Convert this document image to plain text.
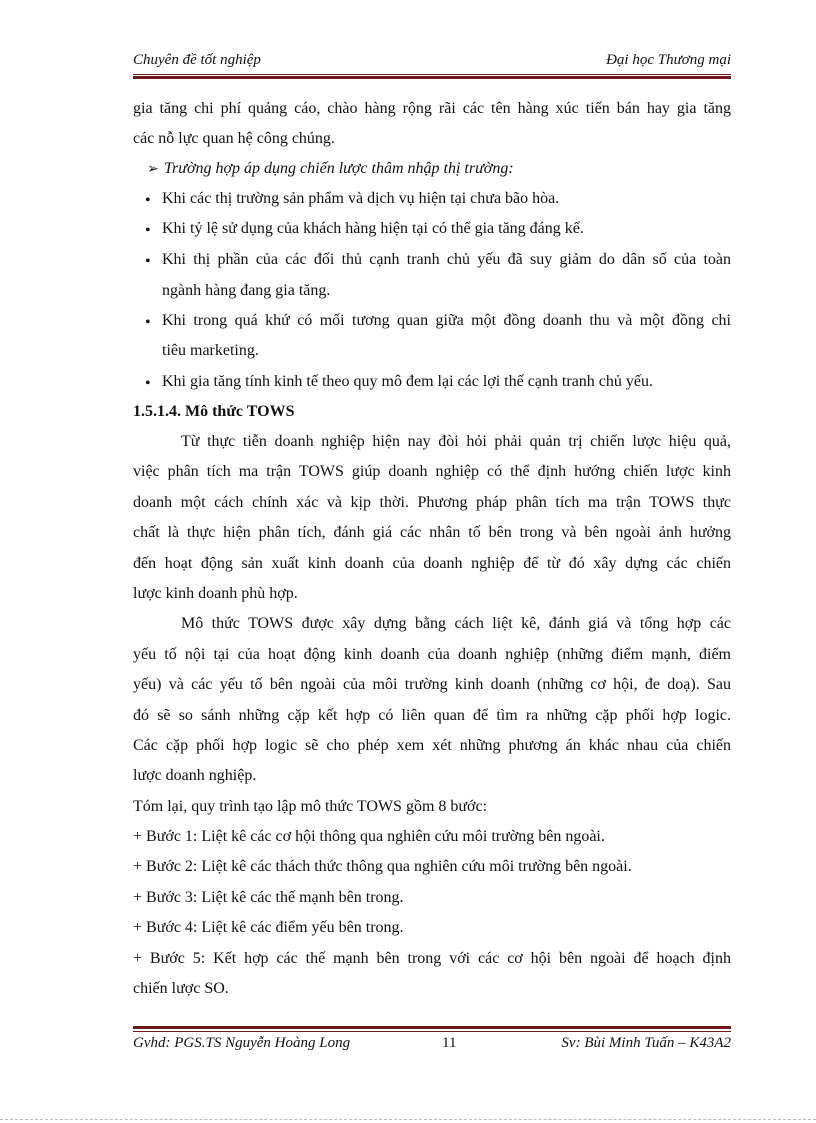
Chuyên đề tốt nghiệp	Đại học Thương mại
gia tăng chi phí quảng cáo, chào hàng rộng rãi các tên hàng xúc tiến bán hay gia tăng
các nỗ lực quan hệ công chúng.
➢ Trường hợp áp dụng chiến lược thâm nhập thị trường:
• Khi các thị trường sản phẩm và dịch vụ hiện tại chưa bão hòa.
• Khi tỷ lệ sử dụng của khách hàng hiện tại có thể gia tăng đáng kể.
• Khi thị phần của các đối thủ cạnh tranh chủ yếu đã suy giảm do dân số của toàn
ngành hàng đang gia tăng.
• Khi trong quá khứ có mối tương quan giữa một đồng doanh thu và một đồng chi
tiêu marketing.
• Khi gia tăng tính kinh tế theo quy mô đem lại các lợi thế cạnh tranh chủ yếu.
1.5.1.4. Mô thức TOWS
Từ thực tiễn doanh nghiệp hiện nay đòi hỏi phải quản trị chiến lược hiệu quả,
việc phân tích ma trận TOWS giúp doanh nghiệp có thể định hướng chiến lược kinh
doanh một cách chính xác và kịp thời. Phương pháp phân tích ma trận TOWS thực
chất là thực hiện phân tích, đánh giá các nhân tố bên trong và bên ngoài ảnh hưởng
đến hoạt động sản xuất kinh doanh của doanh nghiệp để từ đó xây dựng các chiến
lược kinh doanh phù hợp.
Mô thức TOWS được xây dựng bằng cách liệt kê, đánh giá và tổng hợp các
yếu tố nội tại của hoạt động kinh doanh của doanh nghiệp (những điểm mạnh, điểm
yếu) và các yếu tố bên ngoài của môi trường kinh doanh (những cơ hội, đe doạ). Sau
đó sẽ so sánh những cặp kết hợp có liên quan để tìm ra những cặp phối hợp logic.
Các cặp phối hợp logic sẽ cho phép xem xét những phương án khác nhau của chiến
lược doanh nghiệp.
Tóm lại, quy trình tạo lập mô thức TOWS gồm 8 bước:
+ Bước 1: Liệt kê các cơ hội thông qua nghiên cứu môi trường bên ngoài.
+ Bước 2: Liệt kê các thách thức thông qua nghiên cứu môi trường bên ngoài.
+ Bước 3: Liệt kê các thế mạnh bên trong.
+ Bước 4: Liệt kê các điểm yếu bên trong.
+ Bước 5: Kết hợp các thế mạnh bên trong với các cơ hội bên ngoài để hoạch định
chiến lược SO.
Gvhd: PGS.TS Nguyễn Hoàng Long	11	Sv: Bùi Minh Tuấn – K43A2
